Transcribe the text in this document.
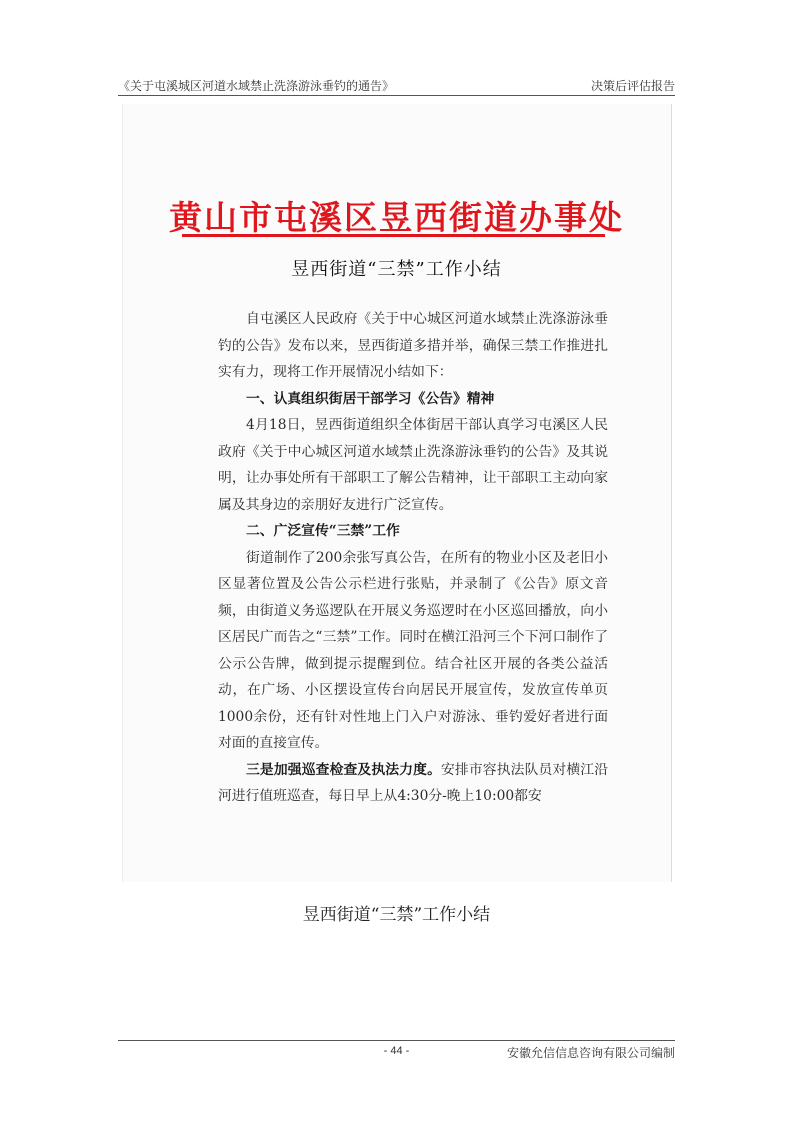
《关于屯溪城区河道水域禁止洗涤游泳垂钓的通告》	决策后评估报告
黄山市屯溪区昱西街道办事处
昱西街道“三禁”工作小结

自屯溪区人民政府《关于中心城区河道水域禁止洗涤游泳垂钓的公告》发布以来，昱西街道多措并举，确保三禁工作推进扎实有力，现将工作开展情况小结如下：

一、认真组织街居干部学习《公告》精神

4月18日，昱西街道组织全体街居干部认真学习屯溪区人民政府《关于中心城区河道水域禁止洗涤游泳垂钓的公告》及其说明，让办事处所有干部职工了解公告精神，让干部职工主动向家属及其身边的亲朋好友进行广泛宣传。

二、广泛宣传“三禁”工作

街道制作了200余张写真公告，在所有的物业小区及老旧小区显著位置及公告公示栏进行张贴，并录制了《公告》原文音频，由街道义务巡逻队在开展义务巡逻时在小区巡回播放，向小区居民广而告之“三禁”工作。同时在横江沿河三个下河口制作了公示公告牌，做到提示提醒到位。结合社区开展的各类公益活动，在广场、小区摆设宣传台向居民开展宣传，发放宣传单页1000余份，还有针对性地上门入户对游泳、垂钓爱好者进行面对面的直接宣传。

三是加强巡查检查及执法力度。安排市容执法队员对横江沿河进行值班巡查，每日早上从4:30分-晚上10:00都安

昱西街道“三禁”工作小结
- 44 -	安徽允信信息咨询有限公司编制
